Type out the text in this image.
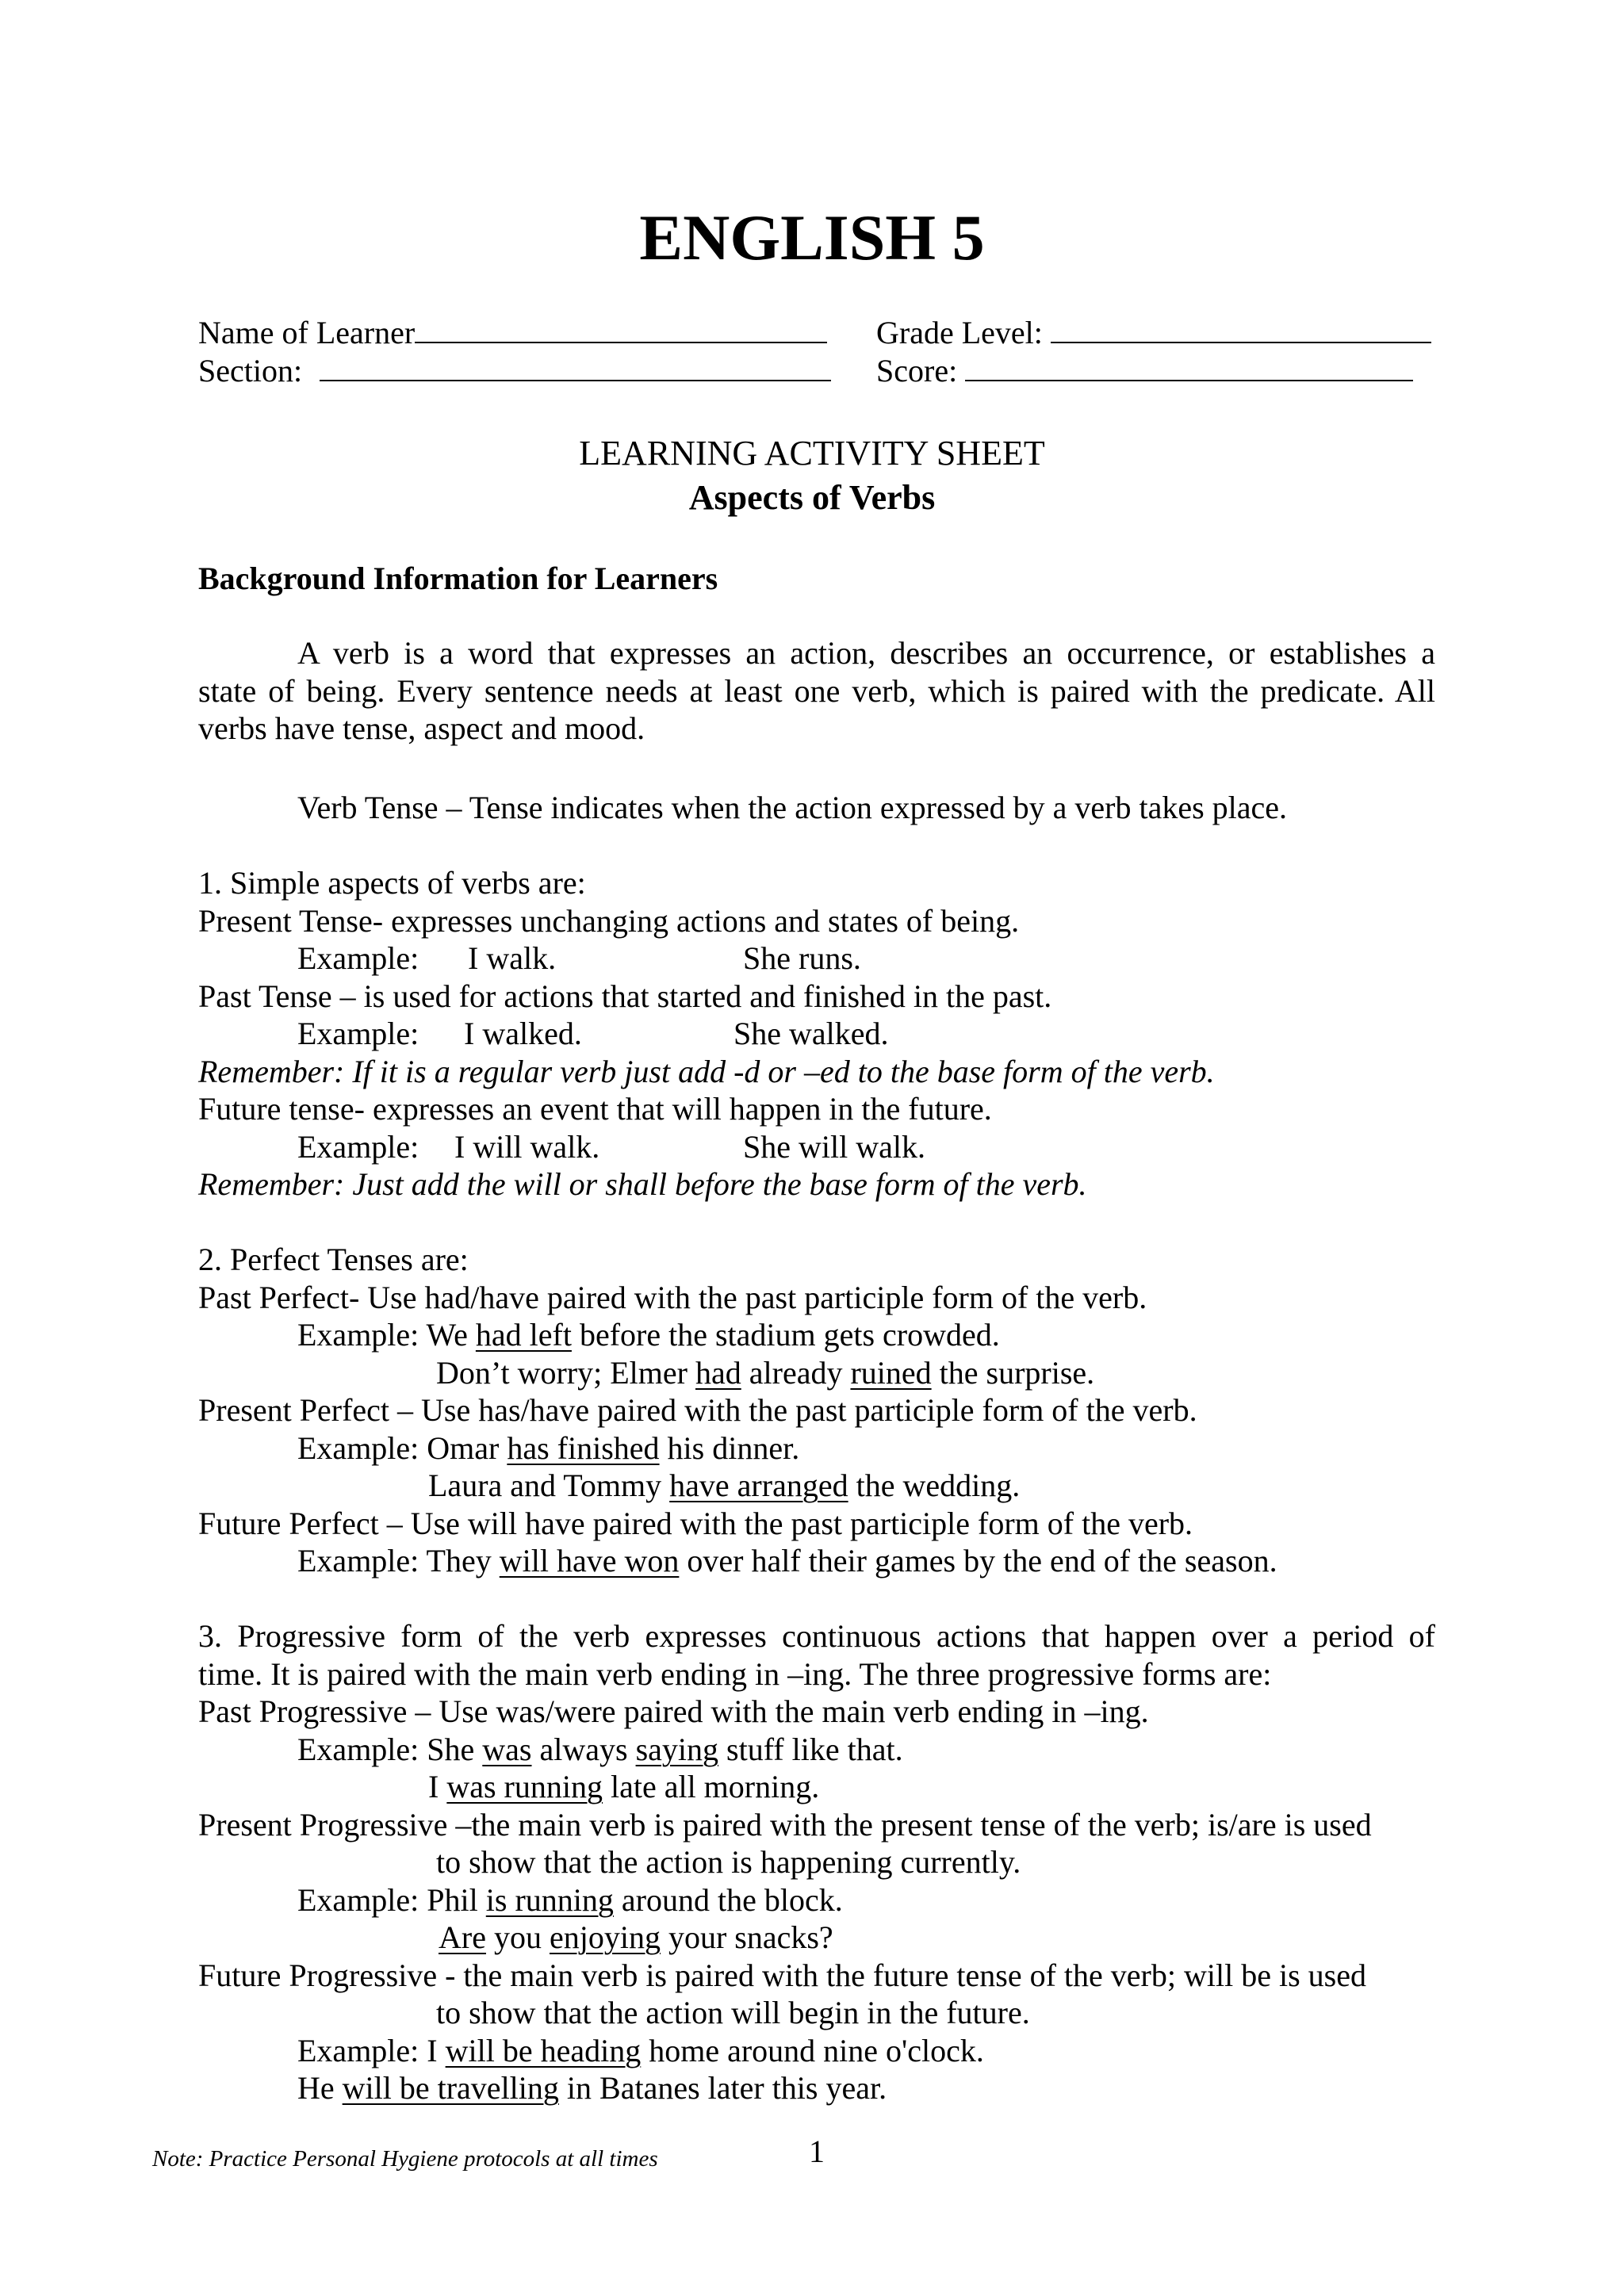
ENGLISH 5
Name of Learner	Grade Level:
Section:	Score:
LEARNING ACTIVITY SHEET
Aspects of Verbs
Background Information for Learners

A verb is a word that expresses an action, describes an occurrence, or establishes a

state of being. Every sentence needs at least one verb, which is paired with the predicate. All

verbs have tense, aspect and mood.

Verb Tense – Tense indicates when the action expressed by a verb takes place.
1. Simple aspects of verbs are:
Present Tense- expresses unchanging actions and states of being.
Example: I walk.	She runs.
Past Tense – is used for actions that started and finished in the past.
Example: I walked.	She walked.
Remember: If it is a regular verb just add -d or –ed to the base form of the verb.
Future tense- expresses an event that will happen in the future.
Example: I will walk.	She will walk.
Remember: Just add the will or shall before the base form of the verb.
2. Perfect Tenses are:
Past Perfect- Use had/have paired with the past participle form of the verb.
Example: We had left before the stadium gets crowded.
Don’t worry; Elmer had already ruined the surprise.
Present Perfect – Use has/have paired with the past participle form of the verb.
Example: Omar has finished his dinner.
Laura and Tommy have arranged the wedding.
Future Perfect – Use will have paired with the past participle form of the verb.
Example: They will have won over half their games by the end of the season.

3. Progressive form of the verb expresses continuous actions that happen over a period of

time. It is paired with the main verb ending in –ing. The three progressive forms are:

Past Progressive – Use was/were paired with the main verb ending in –ing.
Example: She was always saying stuff like that.
I was running late all morning.
Present Progressive –the main verb is paired with the present tense of the verb; is/are is used
to show that the action is happening currently.
Example: Phil is running around the block.
Are you enjoying your snacks?
Future Progressive - the main verb is paired with the future tense of the verb; will be is used
to show that the action will begin in the future.
Example: I will be heading home around nine o'clock.
He will be travelling in Batanes later this year.
Note: Practice Personal Hygiene protocols at all times	1
